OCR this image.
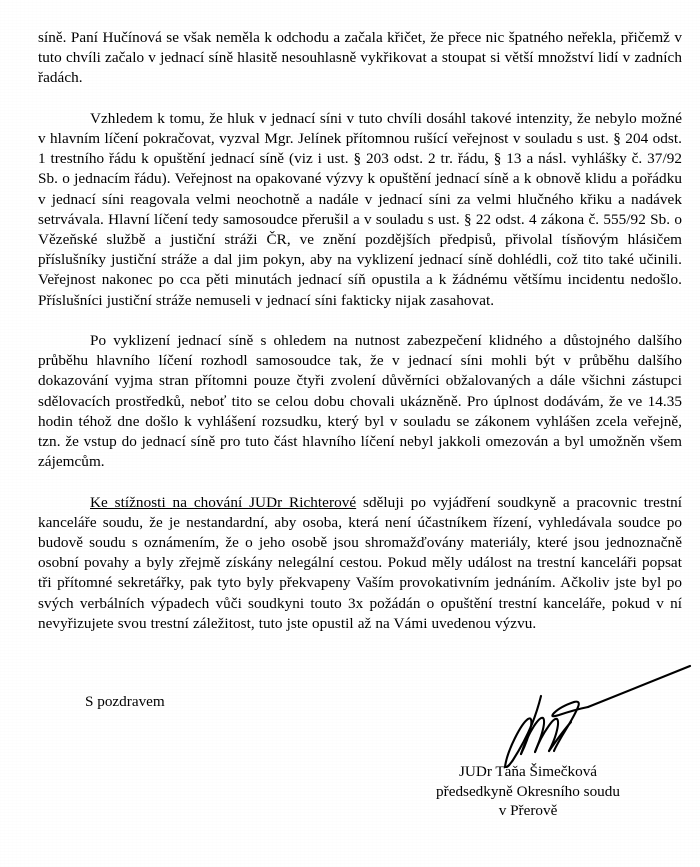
síně. Paní Hučínová se však neměla k odchodu a začala křičet, že přece nic špatného neřekla, přičemž v tuto chvíli začalo v jednací síně hlasitě nesouhlasně vykřikovat a stoupat si větší množství lidí v zadních řadách.

Vzhledem k tomu, že hluk v jednací síni v tuto chvíli dosáhl takové intenzity, že nebylo možné v hlavním líčení pokračovat, vyzval Mgr. Jelínek přítomnou rušící veřejnost v souladu s ust. § 204 odst. 1 trestního řádu k opuštění jednací síně (viz i ust. § 203 odst. 2 tr. řádu, § 13 a násl. vyhlášky č. 37/92 Sb. o jednacím řádu). Veřejnost na opakované výzvy k opuštění jednací síně a k obnově klidu a pořádku v jednací síni reagovala velmi neochotně a nadále v jednací síni za velmi hlučného křiku a nadávek setrvávala. Hlavní líčení tedy samosoudce přerušil a v souladu s ust. § 22 odst. 4 zákona č. 555/92 Sb. o Vězeňské službě a justiční stráži ČR, ve znění pozdějších předpisů, přivolal tísňovým hlásičem příslušníky justiční stráže a dal jim pokyn, aby na vyklizení jednací síně dohlédli, což tito také učinili. Veřejnost nakonec po cca pěti minutách jednací síň opustila a k žádnému většímu incidentu nedošlo. Příslušníci justiční stráže nemuseli v jednací síni fakticky nijak zasahovat.

Po vyklizení jednací síně s ohledem na nutnost zabezpečení klidného a důstojného dalšího průběhu hlavního líčení rozhodl samosoudce tak, že v jednací síni mohli být v průběhu dalšího dokazování vyjma stran přítomni pouze čtyři zvolení důvěrníci obžalovaných a dále všichni zástupci sdělovacích prostředků, neboť tito se celou dobu chovali ukázněně. Pro úplnost dodávám, že ve 14.35 hodin téhož dne došlo k vyhlášení rozsudku, který byl v souladu se zákonem vyhlášen zcela veřejně, tzn. že vstup do jednací síně pro tuto část hlavního líčení nebyl jakkoli omezován a byl umožněn všem zájemcům.

Ke stížnosti na chování JUDr Richterové sděluji po vyjádření soudkyně a pracovnic trestní kanceláře soudu, že je nestandardní, aby osoba, která není účastníkem řízení, vyhledávala soudce po budově soudu s oznámením, že o jeho osobě jsou shromažďovány materiály, které jsou jednoznačně osobní povahy a byly zřejmě získány nelegální cestou. Pokud měly událost na trestní kanceláři popsat tři přítomné sekretářky, pak tyto byly překvapeny Vaším provokativním jednáním. Ačkoliv jste byl po svých verbálních výpadech vůči soudkyni touto 3x požádán o opuštění trestní kanceláře, pokud v ní nevyřizujete svou trestní záležitost, tuto jste opustil až na Vámi uvedenou výzvu.

S pozdravem
JUDr Táňa Šimečková
předsedkyně Okresního soudu
v Přerově
